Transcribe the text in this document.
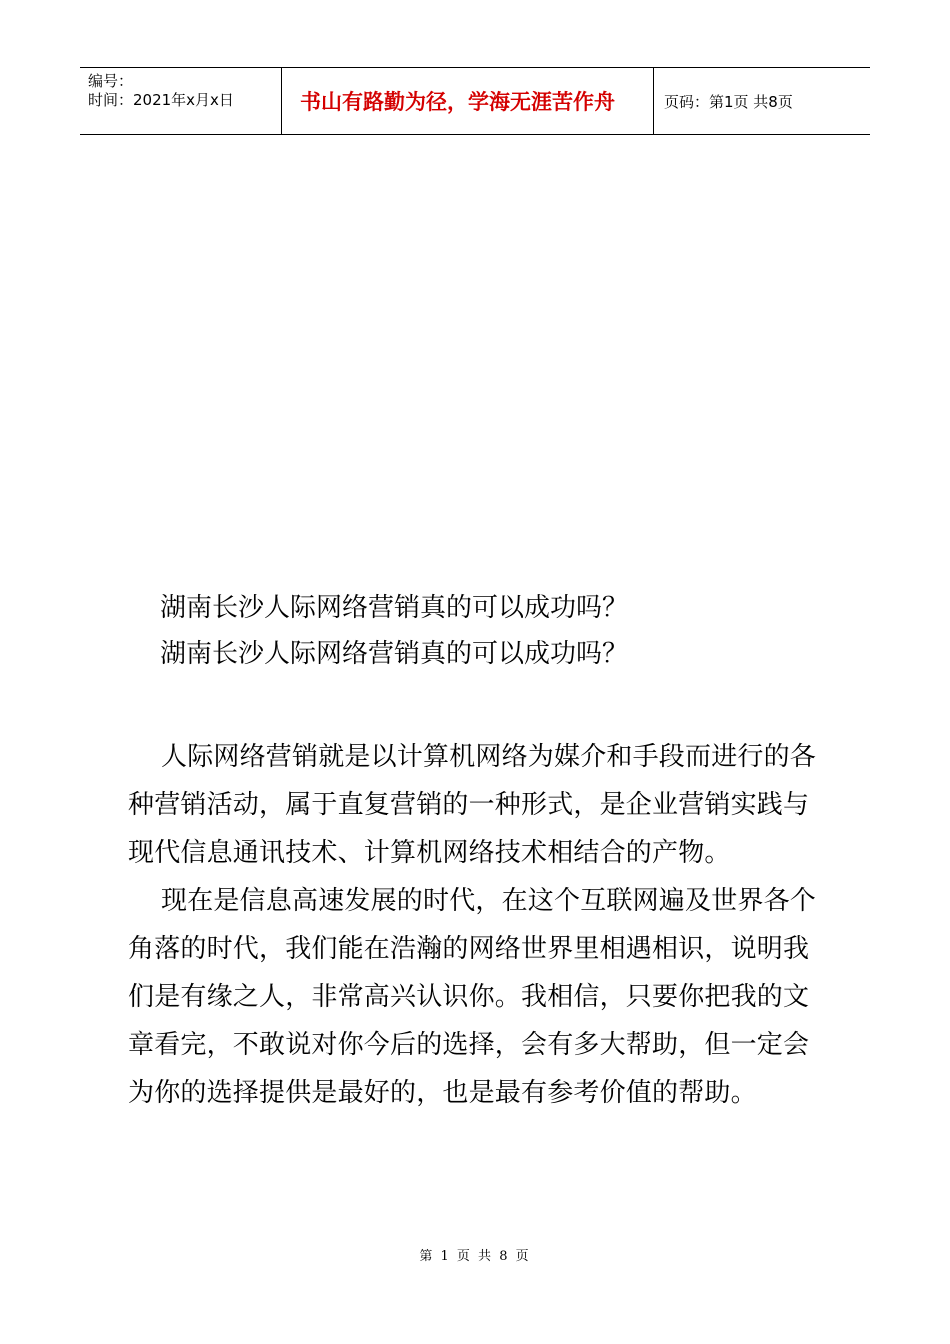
编号：
时间：2021年x月x日	书山有路勤为径，学海无涯苦作舟	页码：第1页 共8页

湖南长沙人际网络营销真的可以成功吗？

湖南长沙人际网络营销真的可以成功吗？

人际网络营销就是以计算机网络为媒介和手段而进行的各种营销活动，属于直复营销的一种形式，是企业营销实践与现代信息通讯技术、计算机网络技术相结合的产物。

现在是信息高速发展的时代，在这个互联网遍及世界各个角落的时代，我们能在浩瀚的网络世界里相遇相识，说明我们是有缘之人，非常高兴认识你。我相信，只要你把我的文章看完，不敢说对你今后的选择，会有多大帮助，但一定会为你的选择提供是最好的，也是最有参考价值的帮助。

第 1 页 共 8 页
